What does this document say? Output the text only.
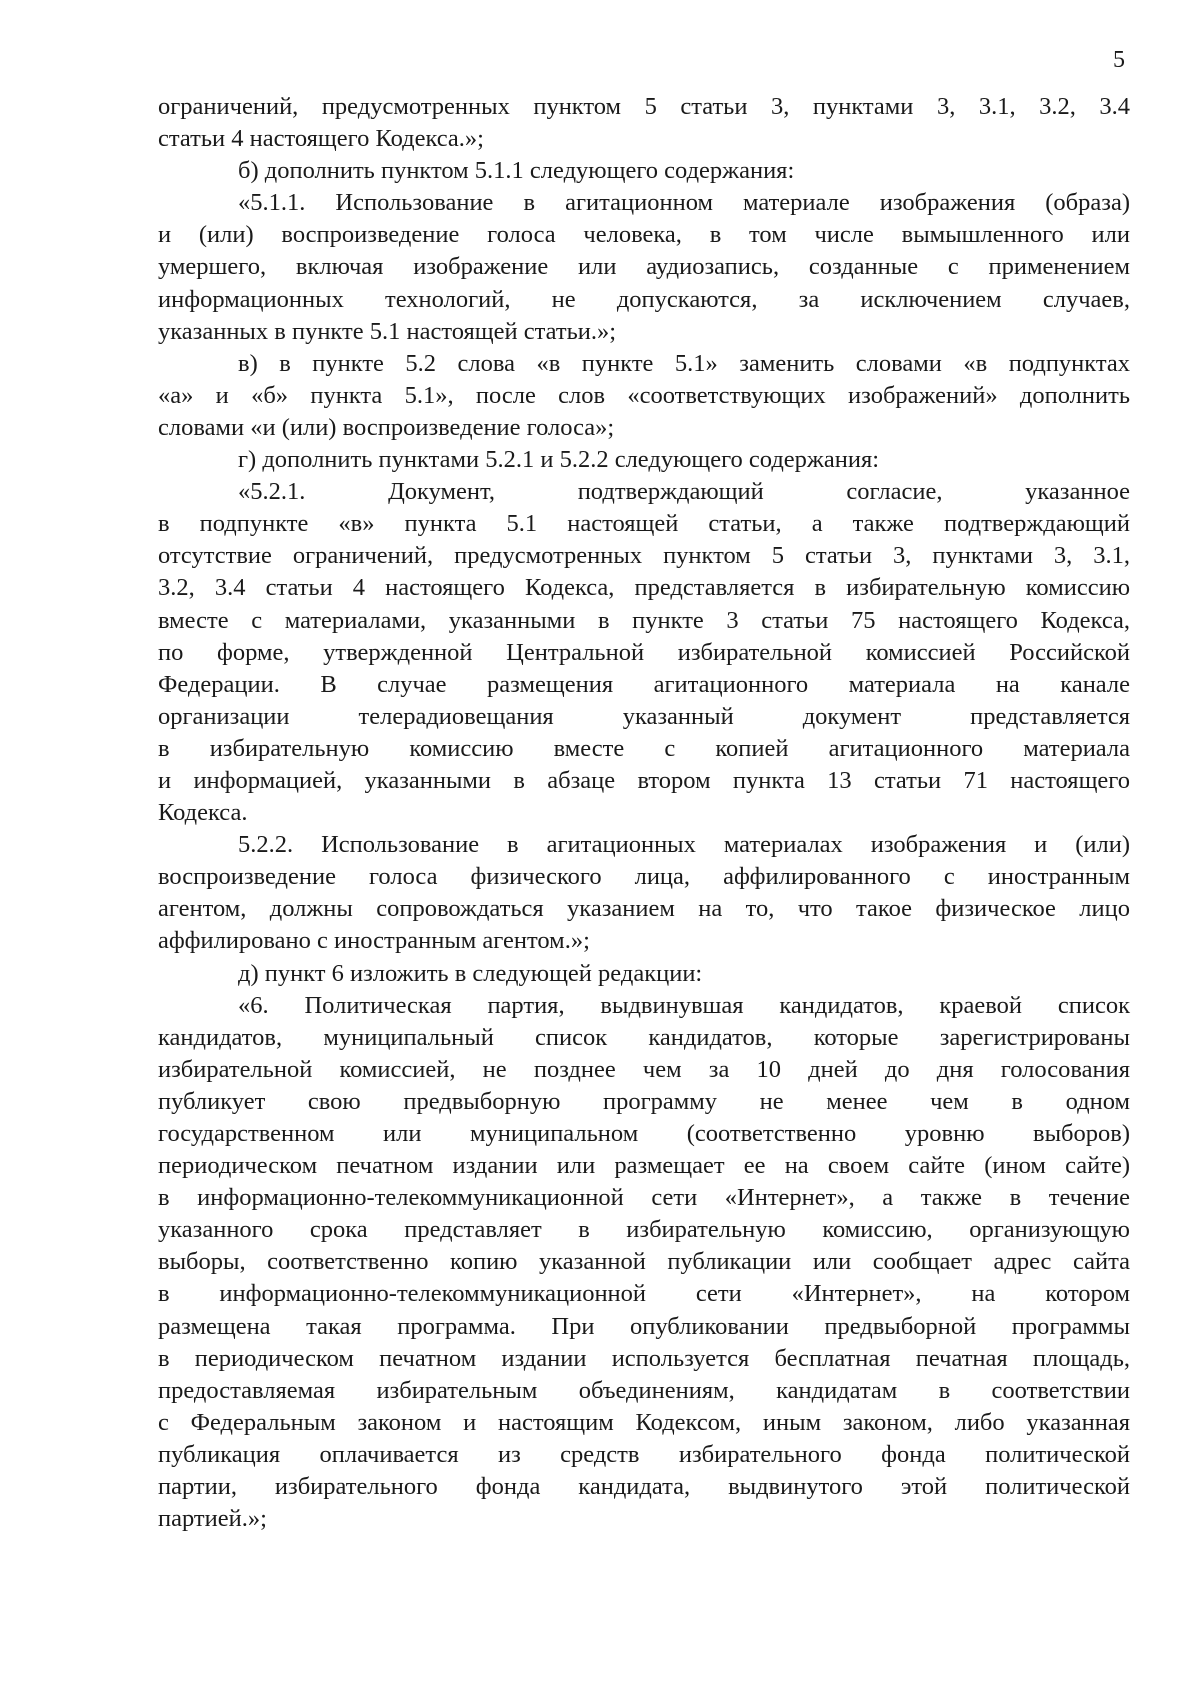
5
ограничений, предусмотренных пунктом 5 статьи 3, пунктами 3, 3.1, 3.2, 3.4
статьи 4 настоящего Кодекса.»;
б) дополнить пунктом 5.1.1 следующего содержания:
«5.1.1. Использование в агитационном материале изображения (образа)
и (или) воспроизведение голоса человека, в том числе вымышленного или
умершего, включая изображение или аудиозапись, созданные с применением
информационных технологий, не допускаются, за исключением случаев,
указанных в пункте 5.1 настоящей статьи.»;
в) в пункте 5.2 слова «в пункте 5.1» заменить словами «в подпунктах
«а» и «б» пункта 5.1», после слов «соответствующих изображений» дополнить
словами «и (или) воспроизведение голоса»;
г) дополнить пунктами 5.2.1 и 5.2.2 следующего содержания:
«5.2.1. Документ, подтверждающий согласие, указанное
в подпункте «в» пункта 5.1 настоящей статьи, а также подтверждающий
отсутствие ограничений, предусмотренных пунктом 5 статьи 3, пунктами 3, 3.1,
3.2, 3.4 статьи 4 настоящего Кодекса, представляется в избирательную комиссию
вместе с материалами, указанными в пункте 3 статьи 75 настоящего Кодекса,
по форме, утвержденной Центральной избирательной комиссией Российской
Федерации. В случае размещения агитационного материала на канале
организации телерадиовещания указанный документ представляется
в избирательную комиссию вместе с копией агитационного материала
и информацией, указанными в абзаце втором пункта 13 статьи 71 настоящего
Кодекса.
5.2.2. Использование в агитационных материалах изображения и (или)
воспроизведение голоса физического лица, аффилированного с иностранным
агентом, должны сопровождаться указанием на то, что такое физическое лицо
аффилировано с иностранным агентом.»;
д) пункт 6 изложить в следующей редакции:
«6. Политическая партия, выдвинувшая кандидатов, краевой список
кандидатов, муниципальный список кандидатов, которые зарегистрированы
избирательной комиссией, не позднее чем за 10 дней до дня голосования
публикует свою предвыборную программу не менее чем в одном
государственном или муниципальном (соответственно уровню выборов)
периодическом печатном издании или размещает ее на своем сайте (ином сайте)
в информационно-телекоммуникационной сети «Интернет», а также в течение
указанного срока представляет в избирательную комиссию, организующую
выборы, соответственно копию указанной публикации или сообщает адрес сайта
в информационно-телекоммуникационной сети «Интернет», на котором
размещена такая программа. При опубликовании предвыборной программы
в периодическом печатном издании используется бесплатная печатная площадь,
предоставляемая избирательным объединениям, кандидатам в соответствии
с Федеральным законом и настоящим Кодексом, иным законом, либо указанная
публикация оплачивается из средств избирательного фонда политической
партии, избирательного фонда кандидата, выдвинутого этой политической
партией.»;
